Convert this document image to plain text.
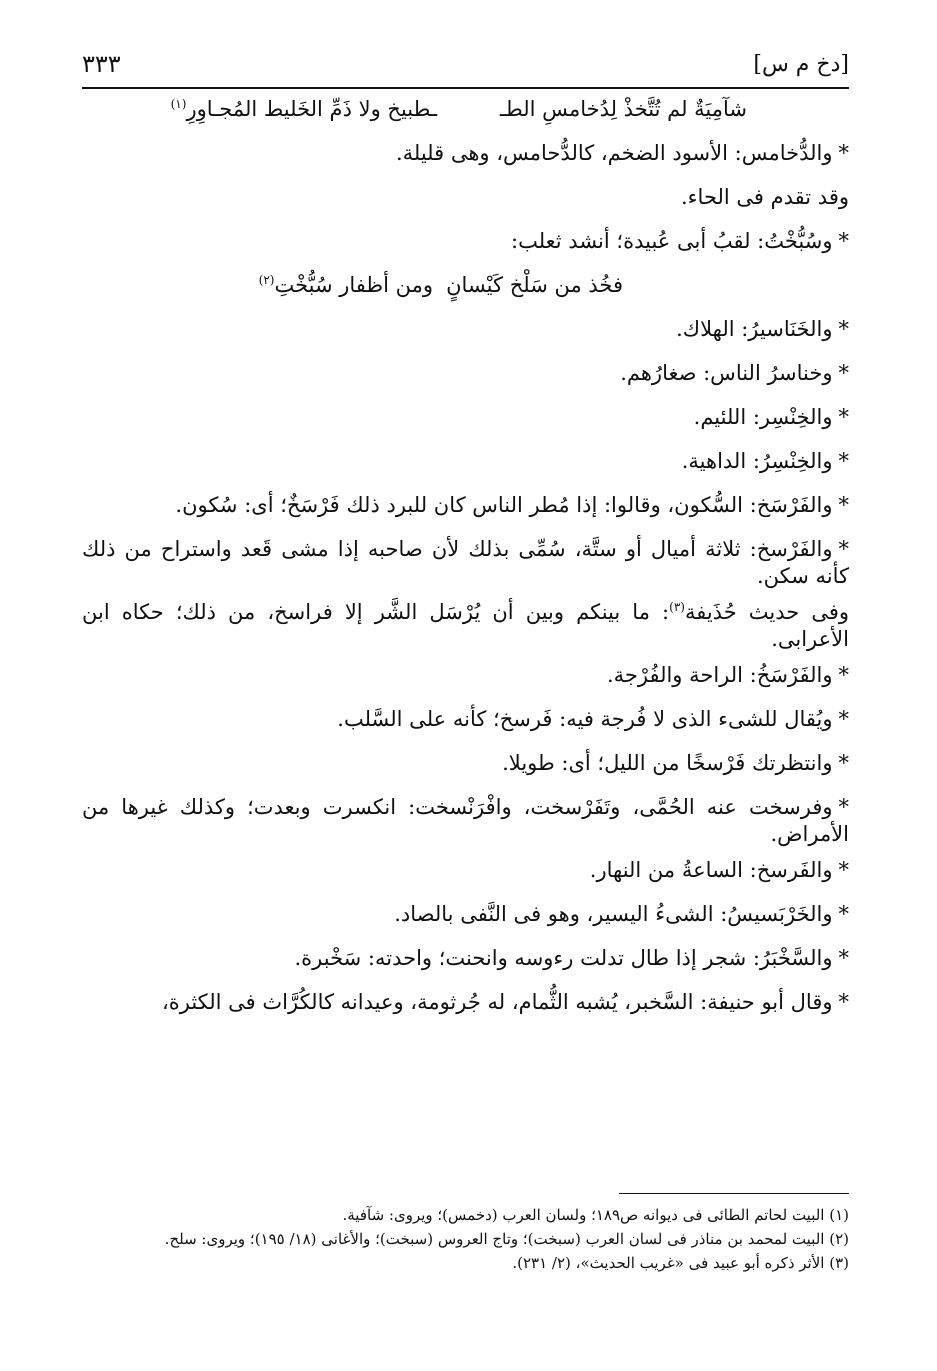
[دخ م س]
٣٣٣
شآمِيَةٌ لم تُتَّخذْ لِدُخامسِ الطـ
ـطبيخ ولا ذَمِّ الخَليط المُجـاوِرِ$^{(١)}$

*والدُّخامس: الأسود الضخم، كالدُّحامس، وهى قليلة.

وقد تقدم فى الحاء.

*وسُبُّخْتُ: لقبُ أبى عُبيدة؛ أنشد ثعلب:

فخُذ من سَلْخ كَيْسانٍ
ومن أظفار سُبُّخْتِ$^{(٢)}$

*والخَنَاسيرُ: الهلاك.

*وخناسرُ الناس: صغارُهم.

*والخِنْسِر: اللئيم.

*والخِنْسِرُ: الداهية.

*والفَرْسَخ: السُّكون، وقالوا: إذا مُطر الناس كان للبرد ذلك فَرْسَخٌ؛ أى: سُكون.

*والفَرْسخ: ثلاثة أميال أو ستَّة، سُمِّى بذلك لأن صاحبه إذا مشى قَعد واستراح من ذلك كأنه سكن.

وفى حديث حُذَيفة$^{(٣)}$: ما بينكم وبين أن يُرْسَل الشَّر إلا فراسخ، من ذلك؛ حكاه ابن الأعرابى.

*والفَرْسَخُ: الراحة والفُرْجة.

*ويُقال للشىء الذى لا فُرجة فيه: فَرسخ؛ كأنه على السَّلب.

*وانتظرتك فَرْسخًا من الليل؛ أى: طويلا.

*وفرسخت عنه الحُمَّى، وتَفَرْسخت، وافْرَنْسخت: انكسرت وبعدت؛ وكذلك غيرها من الأمراض.

*والفَرسخ: الساعةُ من النهار.

*والخَرْبَسيسُ: الشىءُ اليسير، وهو فى النَّفى بالصاد.

*والسَّخْبَرُ: شجر إذا طال تدلت رءوسه وانحنت؛ واحدته: سَخْبرة.

*وقال أبو حنيفة: السَّخبر، يُشبه الثُّمام، له جُرثومة، وعيدانه كالكُرَّاث فى الكثرة،

(١) البيت لحاتم الطائى فى ديوانه ص١٨٩؛ ولسان العرب (دخمس)؛ ويروى: شآفية.
(٢) البيت لمحمد بن مناذر فى لسان العرب (سبخت)؛ وتاج العروس (سبخت)؛ والأغانى (١٨/ ١٩٥)؛ ويروى: سلح.
(٣) الأثر ذكره أبو عبيد فى «غريب الحديث»، (٢/ ٢٣١).
